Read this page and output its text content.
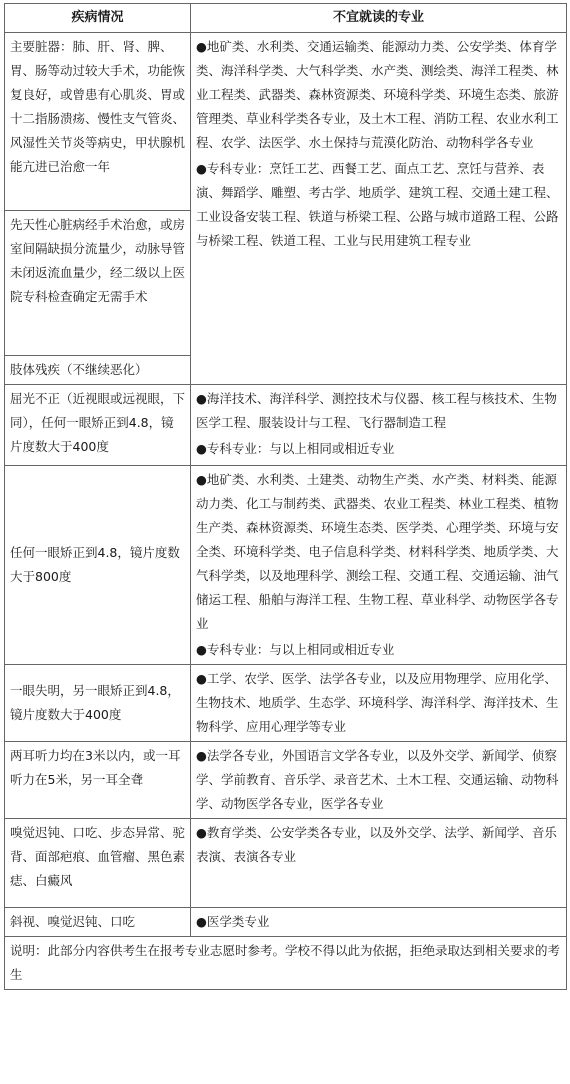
疾病情况	不宜就读的专业
主要脏器：肺、肝、肾、脾、胃、肠等动过较大手术，功能恢复良好，或曾患有心肌炎、胃或十二指肠溃疡、慢性支气管炎、风湿性关节炎等病史，甲状腺机能亢进已治愈一年	●地矿类、水利类、交通运输类、能源动力类、公安学类、体育学类、海洋科学类、大气科学类、水产类、测绘类、海洋工程类、林业工程类、武器类、森林资源类、环境科学类、环境生态类、旅游管理类、草业科学类各专业，及土木工程、消防工程、农业水利工程、农学、法医学、水土保持与荒漠化防治、动物科学各专业

●专科专业：烹饪工艺、西餐工艺、面点工艺、烹饪与营养、表演、舞蹈学、雕塑、考古学、地质学、建筑工程、交通土建工程、工业设备安装工程、铁道与桥梁工程、公路与城市道路工程、公路与桥梁工程、铁道工程、工业与民用建筑工程专业

先天性心脏病经手术治愈，或房室间隔缺损分流量少，动脉导管未闭返流血量少，经二级以上医院专科检查确定无需手术	
肢体残疾（不继续恶化）	
屈光不正（近视眼或远视眼，下同），任何一眼矫正到4.8，镜片度数大于400度	●海洋技术、海洋科学、测控技术与仪器、核工程与核技术、生物医学工程、服装设计与工程、飞行器制造工程

●专科专业：与以上相同或相近专业

任何一眼矫正到4.8，镜片度数大于800度	●地矿类、水利类、土建类、动物生产类、水产类、材料类、能源动力类、化工与制药类、武器类、农业工程类、林业工程类、植物生产类、森林资源类、环境生态类、医学类、心理学类、环境与安全类、环境科学类、电子信息科学类、材料科学类、地质学类、大气科学类，以及地理科学、测绘工程、交通工程、交通运输、油气储运工程、船舶与海洋工程、生物工程、草业科学、动物医学各专业

●专科专业：与以上相同或相近专业

一眼失明，另一眼矫正到4.8，镜片度数大于400度	●工学、农学、医学、法学各专业，以及应用物理学、应用化学、生物技术、地质学、生态学、环境科学、海洋科学、海洋技术、生物科学、应用心理学等专业

两耳听力均在3米以内，或一耳听力在5米，另一耳全聋	●法学各专业，外国语言文学各专业，以及外交学、新闻学、侦察学、学前教育、音乐学、录音艺术、土木工程、交通运输、动物科学、动物医学各专业，医学各专业

嗅觉迟钝、口吃、步态异常、驼背、面部疤痕、血管瘤、黑色素痣、白癜风	●教育学类、公安学类各专业，以及外交学、法学、新闻学、音乐表演、表演各专业

斜视、嗅觉迟钝、口吃	●医学类专业

说明：此部分内容供考生在报考专业志愿时参考。学校不得以此为依据，拒绝录取达到相关要求的考生	
